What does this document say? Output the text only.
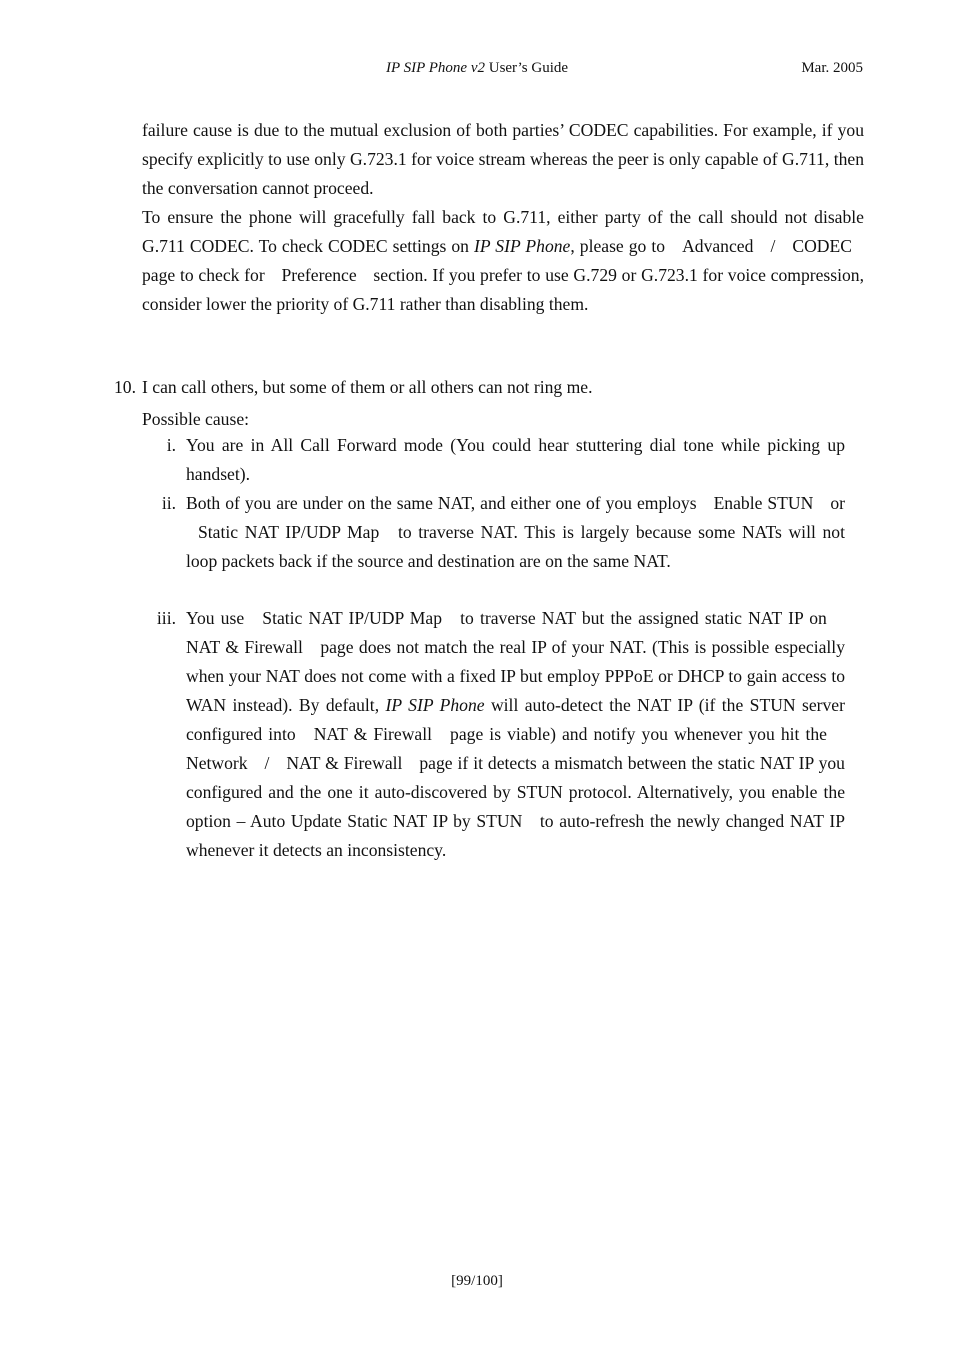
IP SIP Phone v2 User’s Guide	Mar. 2005
failure cause is due to the mutual exclusion of both parties’ CODEC capabilities. For example, if you specify explicitly to use only G.723.1 for voice stream whereas the peer is only capable of G.711, then the conversation cannot proceed.
To ensure the phone will gracefully fall back to G.711, either party of the call should not disable G.711 CODEC. To check CODEC settings on IP SIP Phone, please go to Advanced / CODEC page to check for Preference section. If you prefer to use G.729 or G.723.1 for voice compression, consider lower the priority of G.711 rather than disabling them.
10. I can call others, but some of them or all others can not ring me.
Possible cause:
i. You are in All Call Forward mode (You could hear stuttering dial tone while picking up handset).
ii. Both of you are under on the same NAT, and either one of you employs Enable STUN or Static NAT IP/UDP Map to traverse NAT. This is largely because some NATs will not loop packets back if the source and destination are on the same NAT.
iii. You use Static NAT IP/UDP Map to traverse NAT but the assigned static NAT IP on NAT & Firewall page does not match the real IP of your NAT. (This is possible especially when your NAT does not come with a fixed IP but employ PPPoE or DHCP to gain access to WAN instead). By default, IP SIP Phone will auto-detect the NAT IP (if the STUN server configured into NAT & Firewall page is viable) and notify you whenever you hit the Network / NAT & Firewall page if it detects a mismatch between the static NAT IP you configured and the one it auto-discovered by STUN protocol. Alternatively, you enable the option – Auto Update Static NAT IP by STUN to auto-refresh the newly changed NAT IP whenever it detects an inconsistency.
[99/100]
